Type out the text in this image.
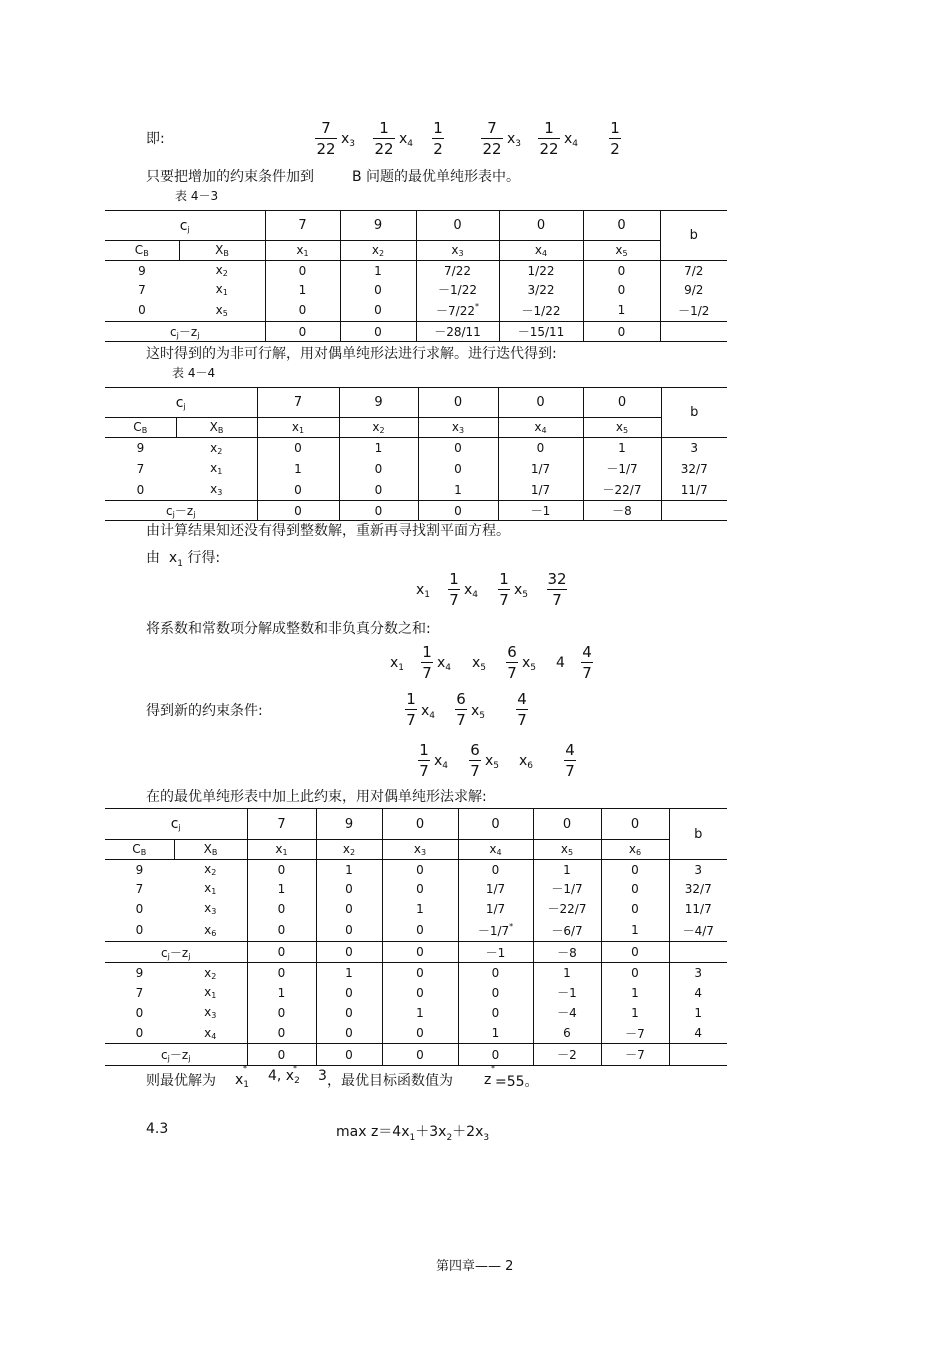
即:
7
22
$x_3$
1
22
$x_4$
1
2
7
22
$x_3$
1
22
$x_4$
1
2
只要把增加的约束条件加到	B 问题的最优单纯形表中。
表 4－3
$c_j$		7	9	0	0	0	b
$C_B$	$X_B$	$x_1$	$x_2$	$x_3$	$x_4$	$x_5$
9	$x_2$	0	1	7/22	1/22	0	7/2
7	$x_1$	1	0	－1/22	3/22	0	9/2
0	$x_5$	0	0	－7/22*	－1/22	1	－1/2
$c_j-z_j$		0	0	－28/11	－15/11	0	
这时得到的为非可行解，用对偶单纯形法进行求解。进行迭代得到:
表 4－4
$c_j$		7	9	0	0	0	b
$C_B$	$X_B$	$x_1$	$x_2$	$x_3$	$x_4$	$x_5$
9	$x_2$	0	1	0	0	1	3
7	$x_1$	1	0	0	1/7	－1/7	32/7
0	$x_3$	0	0	1	1/7	－22/7	11/7
$c_j-z_j$		0	0	0	－1	－8	
由计算结果知还没有得到整数解，重新再寻找割平面方程。
由 $x_1$ 行得:
$x_1$
1
7
$x_4$
1
7
$x_5$
32
7
将系数和常数项分解成整数和非负真分数之和:
$x_1$
1
7
$x_4$ $x_5$
6
7
$x_5$ 4
4
7
得到新的约束条件:
1
7 $x_4$
6
7 $x_5$
4
7
1
7
$x_4$
6
7
$x_5$ $x_6$
4
7
在的最优单纯形表中加上此约束，用对偶单纯形法求解:
$c_j$		7	9	0	0	0	0	b
$C_B$	$X_B$	$x_1$	$x_2$	$x_3$	$x_4$	$x_5$	$x_6$
9	$x_2$	0	1	0	0	1	0	3
7	$x_1$	1	0	0	1/7	－1/7	0	32/7
0	$x_3$	0	0	1	1/7	－22/7	0	11/7
0	$x_6$	0	0	0	－1/7*	－6/7	1	－4/7
$c_j-z_j$		0	0	0	－1	－8	0	
9	$x_2$	0	1	0	0	1	0	3
7	$x_1$	1	0	0	0	－1	1	4
0	$x_3$	0	0	1	0	－4	1	1
0	$x_4$	0	0	0	1	6	－7	4
$c_j-z_j$		0	0	0	0	－2	－7	
则最优解为 $x_1$
* 4, $x_2$
* 3 ，最优目标函数值为 z
*
=55。
4.3	$\max z=4x_1+3x_2+2x_3$
第四章—— 2
